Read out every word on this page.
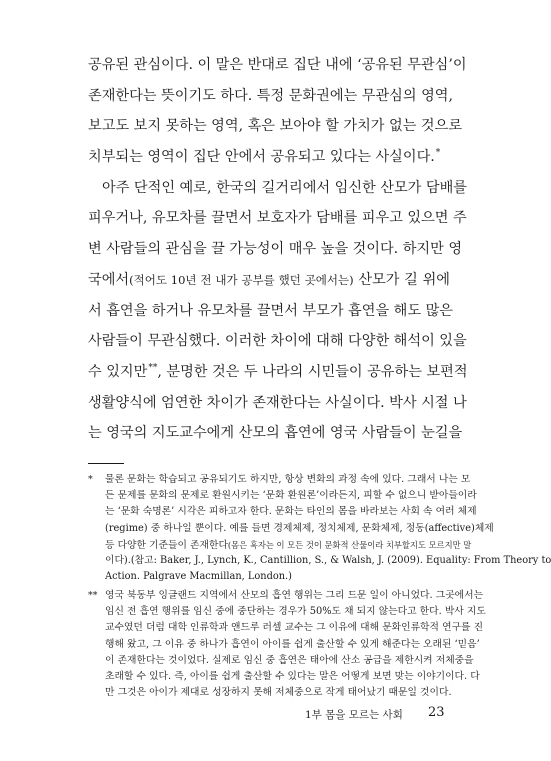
공유된 관심이다. 이 말은 반대로 집단 내에 ‘공유된 무관심’이
존재한다는 뜻이기도 하다. 특정 문화권에는 무관심의 영역,
보고도 보지 못하는 영역, 혹은 보아야 할 가치가 없는 것으로
치부되는 영역이 집단 안에서 공유되고 있다는 사실이다.*
아주 단적인 예로, 한국의 길거리에서 임신한 산모가 담배를
피우거나, 유모차를 끌면서 보호자가 담배를 피우고 있으면 주
변 사람들의 관심을 끌 가능성이 매우 높을 것이다. 하지만 영
국에서(적어도 10년 전 내가 공부를 했던 곳에서는) 산모가 길 위에
서 흡연을 하거나 유모차를 끌면서 부모가 흡연을 해도 많은
사람들이 무관심했다. 이러한 차이에 대해 다양한 해석이 있을
수 있지만**, 분명한 것은 두 나라의 시민들이 공유하는 보편적
생활양식에 엄연한 차이가 존재한다는 사실이다. 박사 시절 나
는 영국의 지도교수에게 산모의 흡연에 영국 사람들이 눈길을
* 물론 문화는 학습되고 공유되기도 하지만, 항상 변화의 과정 속에 있다. 그래서 나는 모
든 문제를 문화의 문제로 환원시키는 ‘문화 환원론’이라든지, 피할 수 없으니 받아들이라
는 ‘문화 숙명론’ 시각은 피하고자 한다. 문화는 타인의 몸을 바라보는 사회 속 여러 체제
(regime) 중 하나일 뿐이다. 예를 들면 경제체제, 정치체제, 문화체제, 정동(affective)체제
등 다양한 기준들이 존재한다(몸은 혹자는 이 모든 것이 문화적 산물이라 치부할지도 모르지만 말
이다).(참고: Baker, J., Lynch, K., Cantillion, S., & Walsh, J. (2009). Equality: From Theory to
Action. Palgrave Macmillan, London.)
** 영국 북동부 잉글랜드 지역에서 산모의 흡연 행위는 그리 드문 일이 아니었다. 그곳에서는
임신 전 흡연 행위를 임신 중에 중단하는 경우가 50%도 채 되지 않는다고 한다. 박사 지도
교수였던 더럼 대학 인류학과 앤드루 러셀 교수는 그 이유에 대해 문화인류학적 연구를 진
행해 왔고, 그 이유 중 하나가 흡연이 아이를 쉽게 출산할 수 있게 해준다는 오래된 ‘믿음’
이 존재한다는 것이었다. 실제로 임신 중 흡연은 태아에 산소 공급을 제한시켜 저체중을
초래할 수 있다. 즉, 아이를 쉽게 출산할 수 있다는 말은 어떻게 보면 맞는 이야기이다. 다
만 그것은 아이가 제대로 성장하지 못해 저체중으로 작게 태어났기 때문일 것이다.
1부 몸을 모르는 사회 23
